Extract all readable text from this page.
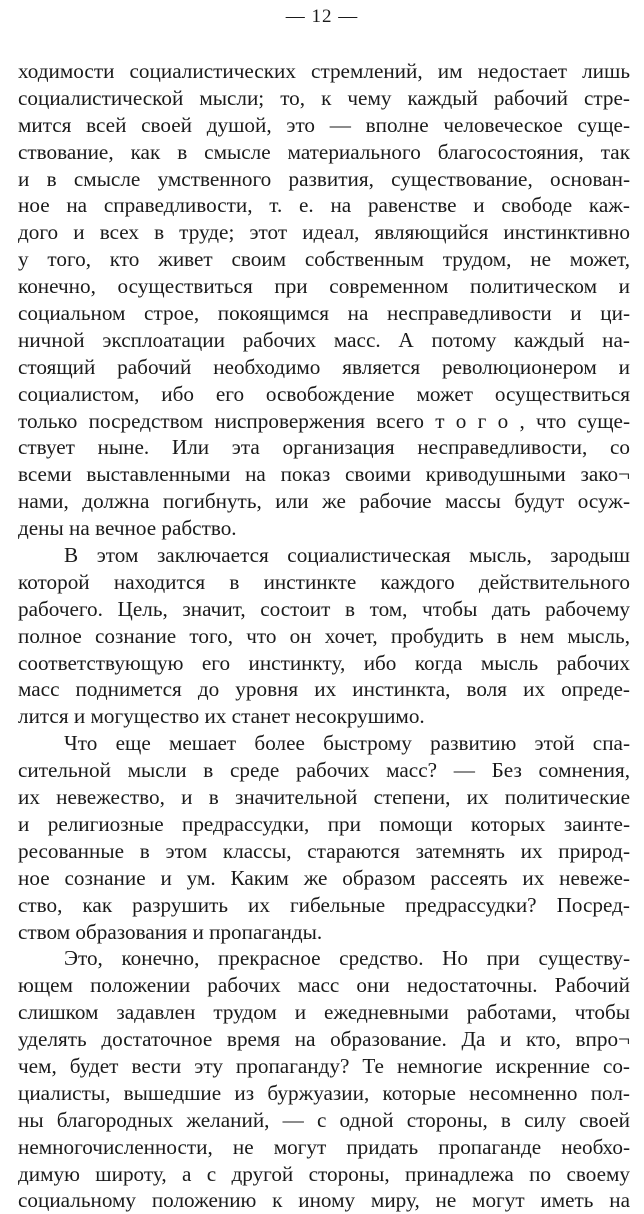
— 12 —
ходимости социалистических стремлений, им недостает лишь
социалистической мысли; то, к чему каждый рабочий стре-
мится всей своей душой, это — вполне человеческое суще-
ствование, как в смысле материального благосостояния, так
и в смысле умственного развития, существование, основан-
ное на справедливости, т. е. на равенстве и свободе каж-
дого и всех в труде; этот идеал, являющийся инстинктивно
у того, кто живет своим собственным трудом, не может,
конечно, осуществиться при современном политическом и
социальном строе, покоящимся на несправедливости и ци-
ничной эксплоатации рабочих масс. А потому каждый на-
стоящий рабочий необходимо является революционером и
социалистом, ибо его освобождение может осуществиться
только посредством ниспровержения всего т о г о , что суще-
ствует ныне. Или эта организация несправедливости, со
всеми выставленными на показ своими криводушными зако¬
нами, должна погибнуть, или же рабочие массы будут осуж-
дены на вечное рабство.
В этом заключается социалистическая мысль, зародыш
которой находится в инстинкте каждого действительного
рабочего. Цель, значит, состоит в том, чтобы дать рабочему
полное сознание того, что он хочет, пробудить в нем мысль,
соответствующую его инстинкту, ибо когда мысль рабочих
масс поднимется до уровня их инстинкта, воля их опреде-
лится и могущество их станет несокрушимо.
Что еще мешает более быстрому развитию этой спа-
сительной мысли в среде рабочих масс? — Без сомнения,
их невежество, и в значительной степени, их политические
и религиозные предрассудки, при помощи которых заинте-
ресованные в этом классы, стараются затемнять их природ-
ное сознание и ум. Каким же образом рассеять их невеже-
ство, как разрушить их гибельные предрассудки? Посред-
ством образования и пропаганды.
Это, конечно, прекрасное средство. Но при существу-
ющем положении рабочих масс они недостаточны. Рабочий
слишком задавлен трудом и ежедневными работами, чтобы
уделять достаточное время на образование. Да и кто, впро¬
чем, будет вести эту пропаганду? Те немногие искренние со-
циалисты, вышедшие из буржуазии, которые несомненно пол-
ны благородных желаний, — с одной стороны, в силу своей
немногочисленности, не могут придать пропаганде необхо-
димую широту, а с другой стороны, принадлежа по своему
социальному положению к иному миру, не могут иметь на
